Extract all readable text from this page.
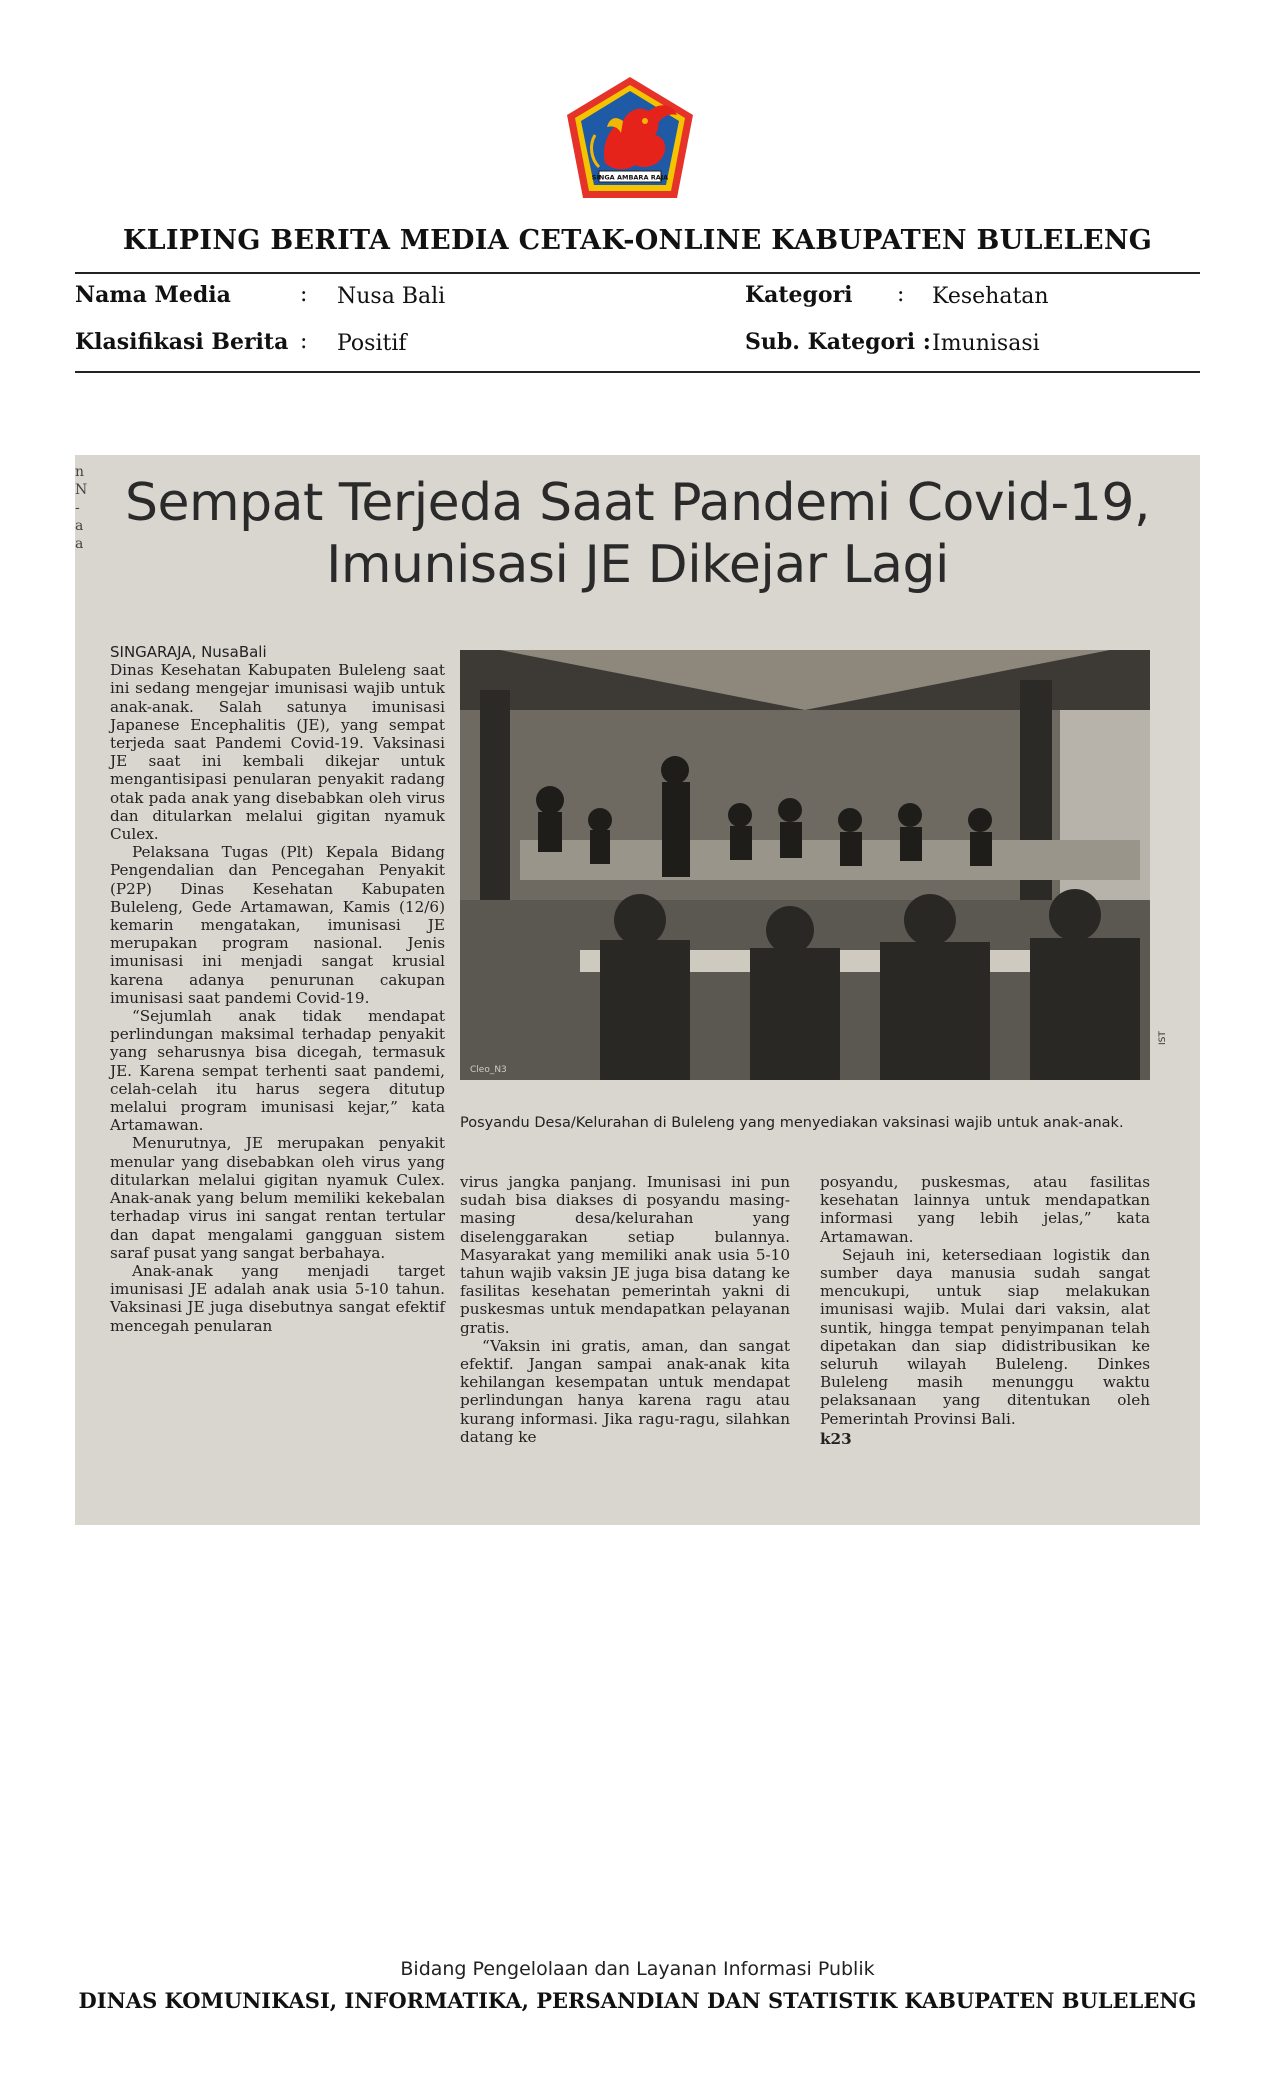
SINGA AMBARA RAJA
KLIPING BERITA MEDIA CETAK-ONLINE KABUPATEN BULELENG
Nama Media	: Nusa Bali	Kategori : Kesehatan
Klasifikasi Berita : Positif	Sub. Kategori : Imunisasi
n
N
-
a
a
Sempat Terjeda Saat Pandemi Covid-19,
Imunisasi JE Dikejar Lagi
SINGARAJA, NusaBali

Dinas Kesehatan Kabupaten Buleleng saat ini sedang mengejar imunisasi wajib untuk anak-anak. Salah satunya imunisasi Japanese Encephalitis (JE), yang sempat terjeda saat Pandemi Covid-19. Vaksinasi JE saat ini kembali dikejar untuk mengantisipasi penularan penyakit radang otak pada anak yang disebabkan oleh virus dan ditularkan melalui gigitan nyamuk Culex.

Pelaksana Tugas (Plt) Kepala Bidang Pengendalian dan Pencegahan Penyakit (P2P) Dinas Kesehatan Kabupaten Buleleng, Gede Artamawan, Kamis (12/6) kemarin mengatakan, imunisasi JE merupakan program nasional. Jenis imunisasi ini menjadi sangat krusial karena adanya penurunan cakupan imunisasi saat pandemi Covid-19.

“Sejumlah anak tidak mendapat perlindungan maksimal terhadap penyakit yang seharusnya bisa dicegah, termasuk JE. Karena sempat terhenti saat pandemi, celah-celah itu harus segera ditutup melalui program imunisasi kejar,” kata Artamawan.

Menurutnya, JE merupakan penyakit menular yang disebabkan oleh virus yang ditularkan melalui gigitan nyamuk Culex. Anak-anak yang belum memiliki kekebalan terhadap virus ini sangat rentan tertular dan dapat mengalami gangguan sistem saraf pusat yang sangat berbahaya.

Anak-anak yang menjadi target imunisasi JE adalah anak usia 5-10 tahun. Vaksinasi JE juga disebutnya sangat efektif mencegah penularan

Cleo_N3
IST
Posyandu Desa/Kelurahan di Buleleng yang menyediakan vaksinasi wajib untuk anak-anak.

virus jangka panjang. Imunisasi ini pun sudah bisa diakses di posyandu masing-masing desa/kelurahan yang diselenggarakan setiap bulannya. Masyarakat yang memiliki anak usia 5-10 tahun wajib vaksin JE juga bisa datang ke fasilitas kesehatan pemerintah yakni di puskesmas untuk mendapatkan pelayanan gratis.

“Vaksin ini gratis, aman, dan sangat efektif. Jangan sampai anak-anak kita kehilangan kesempatan untuk mendapat perlindungan hanya karena ragu atau kurang informasi. Jika ragu-ragu, silahkan datang ke

posyandu, puskesmas, atau fasilitas kesehatan lainnya untuk mendapatkan informasi yang lebih jelas,” kata Artamawan.

Sejauh ini, ketersediaan logistik dan sumber daya manusia sudah sangat mencukupi, untuk siap melakukan imunisasi wajib. Mulai dari vaksin, alat suntik, hingga tempat penyimpanan telah dipetakan dan siap didistribusikan ke seluruh wilayah Buleleng. Dinkes Buleleng masih menunggu waktu pelaksanaan yang ditentukan oleh Pemerintah Provinsi Bali.

k23
Bidang Pengelolaan dan Layanan Informasi Publik
DINAS KOMUNIKASI, INFORMATIKA, PERSANDIAN DAN STATISTIK KABUPATEN BULELENG
